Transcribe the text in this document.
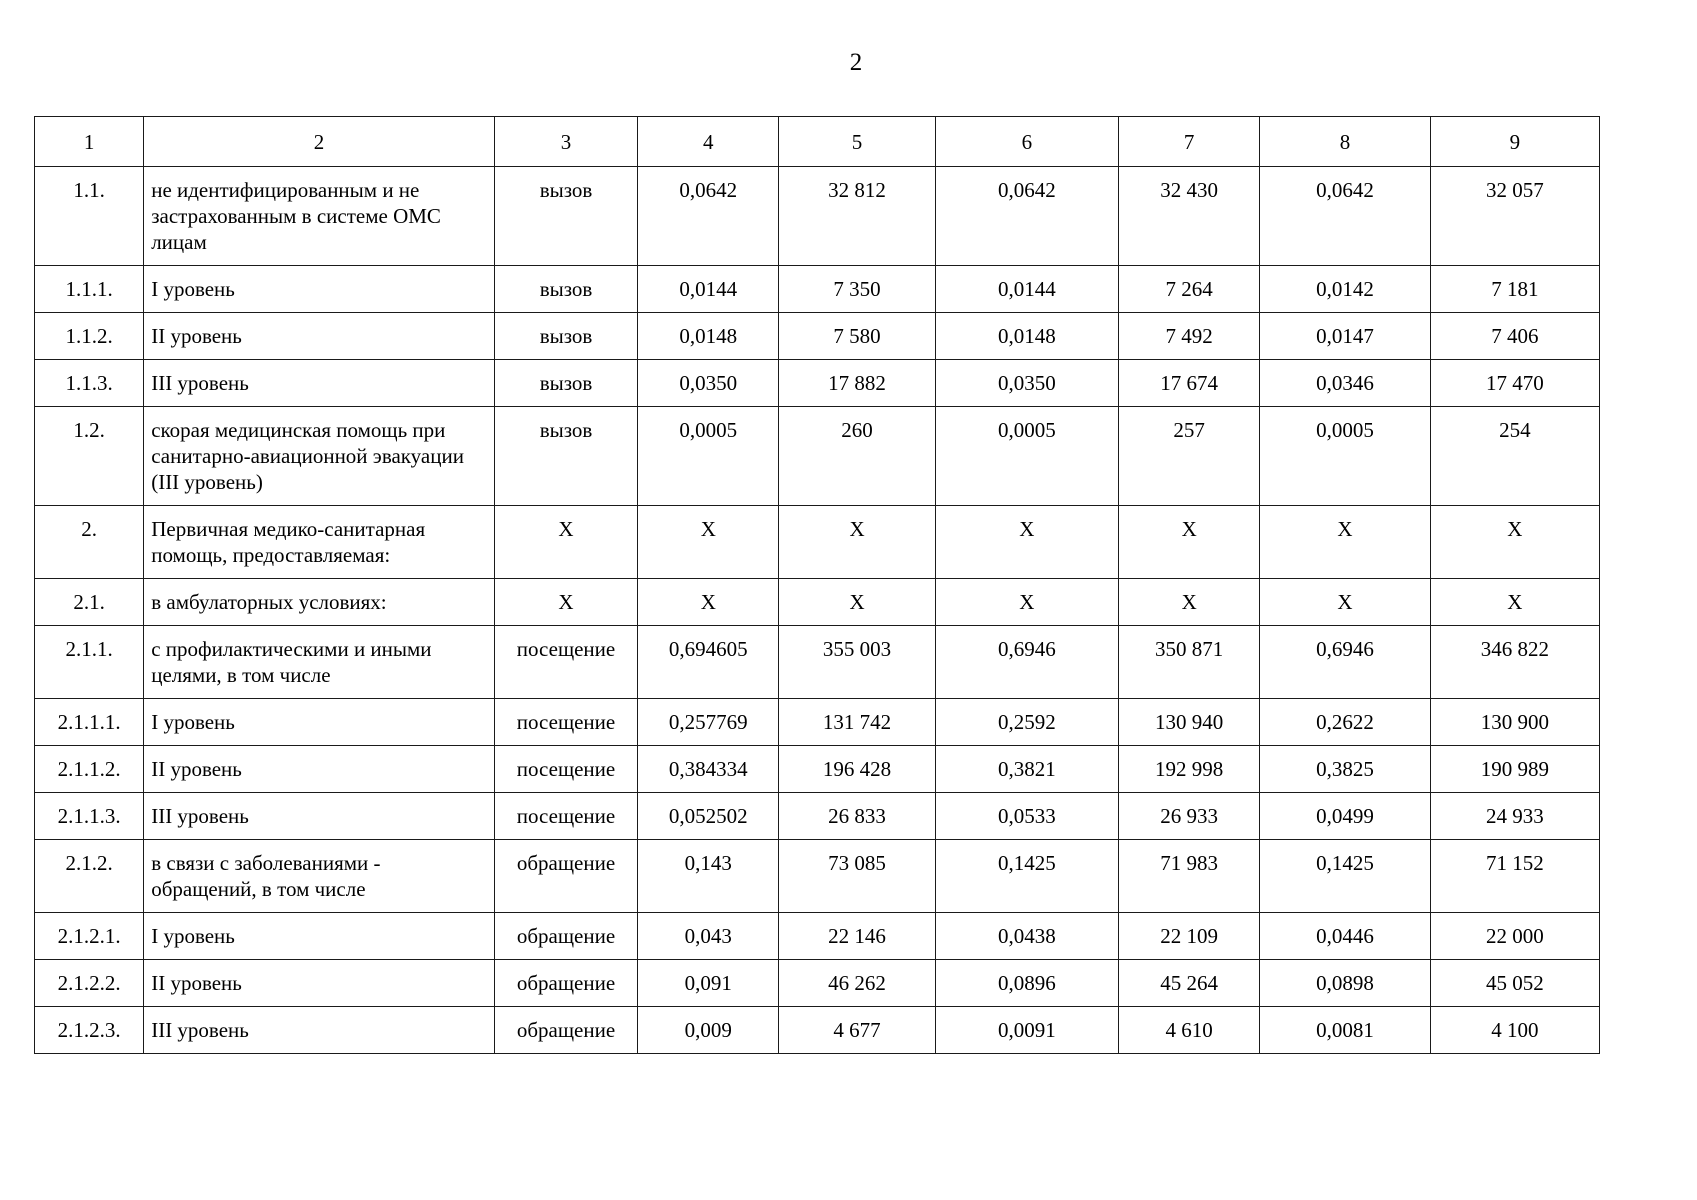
2
1	2	3	4	5	6	7	8	9
1.1.	не идентифицированным и не застрахованным в системе ОМС лицам	вызов	0,0642	32 812	0,0642	32 430	0,0642	32 057
1.1.1.	I уровень	вызов	0,0144	7 350	0,0144	7 264	0,0142	7 181
1.1.2.	II уровень	вызов	0,0148	7 580	0,0148	7 492	0,0147	7 406
1.1.3.	III уровень	вызов	0,0350	17 882	0,0350	17 674	0,0346	17 470
1.2.	скорая медицинская помощь при санитарно-авиационной эвакуации (III уровень)	вызов	0,0005	260	0,0005	257	0,0005	254
2.	Первичная медико-санитарная помощь, предоставляемая:	X	X	X	X	X	X	X
2.1.	в амбулаторных условиях:	X	X	X	X	X	X	X
2.1.1.	с профилактическими и иными целями, в том числе	посещение	0,694605	355 003	0,6946	350 871	0,6946	346 822
2.1.1.1.	I уровень	посещение	0,257769	131 742	0,2592	130 940	0,2622	130 900
2.1.1.2.	II уровень	посещение	0,384334	196 428	0,3821	192 998	0,3825	190 989
2.1.1.3.	III уровень	посещение	0,052502	26 833	0,0533	26 933	0,0499	24 933
2.1.2.	в связи с заболеваниями - обращений, в том числе	обращение	0,143	73 085	0,1425	71 983	0,1425	71 152
2.1.2.1.	I уровень	обращение	0,043	22 146	0,0438	22 109	0,0446	22 000
2.1.2.2.	II уровень	обращение	0,091	46 262	0,0896	45 264	0,0898	45 052
2.1.2.3.	III уровень	обращение	0,009	4 677	0,0091	4 610	0,0081	4 100
